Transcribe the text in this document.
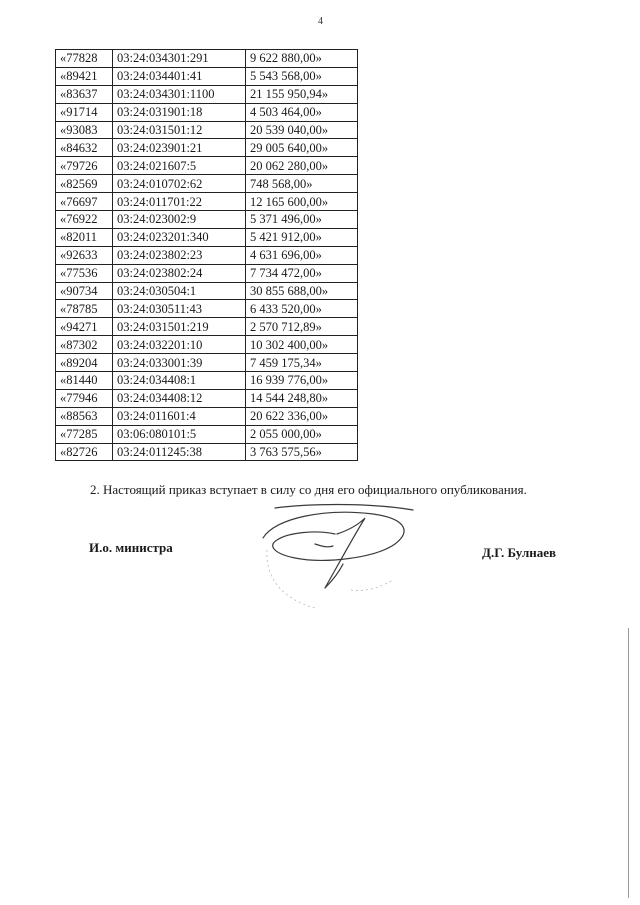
4
«77828	03:24:034301:291	9 622 880,00»
«89421	03:24:034401:41	5 543 568,00»
«83637	03:24:034301:1100	21 155 950,94»
«91714	03:24:031901:18	4 503 464,00»
«93083	03:24:031501:12	20 539 040,00»
«84632	03:24:023901:21	29 005 640,00»
«79726	03:24:021607:5	20 062 280,00»
«82569	03:24:010702:62	748 568,00»
«76697	03:24:011701:22	12 165 600,00»
«76922	03:24:023002:9	5 371 496,00»
«82011	03:24:023201:340	5 421 912,00»
«92633	03:24:023802:23	4 631 696,00»
«77536	03:24:023802:24	7 734 472,00»
«90734	03:24:030504:1	30 855 688,00»
«78785	03:24:030511:43	6 433 520,00»
«94271	03:24:031501:219	2 570 712,89»
«87302	03:24:032201:10	10 302 400,00»
«89204	03:24:033001:39	7 459 175,34»
«81440	03:24:034408:1	16 939 776,00»
«77946	03:24:034408:12	14 544 248,80»
«88563	03:24:011601:4	20 622 336,00»
«77285	03:06:080101:5	2 055 000,00»
«82726	03:24:011245:38	3 763 575,56»
2. Настоящий приказ вступает в силу со дня его официального опубликования.
И.о. министра	Д.Г. Булнаев
